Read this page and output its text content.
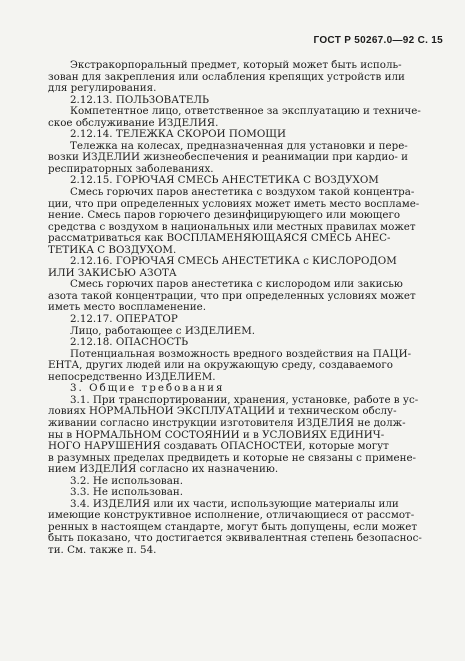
ГОСТ Р 50267.0—92 С. 15
Экстракорпоральный предмет, который может быть исполь-
зован для закрепления или ослабления крепящих устройств или
для регулирования.
2.12.13. ПОЛЬЗОВАТЕЛЬ
Компетентное лицо, ответственное за эксплуатацию и техниче-
ское обслуживание ИЗДЕЛИЯ.
2.12.14. ТЕЛЕЖКА СКОРОЙ ПОМОЩИ
Тележка на колесах, предназначенная для установки и пере-
возки ИЗДЕЛИЙ жизнеобеспечения и реанимации при кардио- и
респираторных заболеваниях.
2.12.15. ГОРЮЧАЯ СМЕСЬ АНЕСТЕТИКА С ВОЗДУХОМ
Смесь горючих паров анестетика с воздухом такой концентра-
ции, что при определенных условиях может иметь место воспламе-
нение. Смесь паров горючего дезинфицирующего или моющего
средства с воздухом в национальных или местных правилах может
рассматриваться как ВОСПЛАМЕНЯЮЩАЯСЯ СМЕСЬ АНЕС-
ТЕТИКА С ВОЗДУХОМ.
2.12.16. ГОРЮЧАЯ СМЕСЬ АНЕСТЕТИКА с КИСЛОРОДОМ
ИЛИ ЗАКИСЬЮ АЗОТА
Смесь горючих паров анестетика с кислородом или закисью
азота такой концентрации, что при определенных условиях может
иметь место воспламенение.
2.12.17. ОПЕРАТОР
Лицо, работающее с ИЗДЕЛИЕМ.
2.12.18. ОПАСНОСТЬ
Потенциальная возможность вредного воздействия на ПАЦИ-
ЕНТА, других людей или на окружающую среду, создаваемого
непосредственно ИЗДЕЛИЕМ.
3. Общие требования
3.1. При транспортировании, хранения, установке, работе в ус-
ловиях НОРМАЛЬНОЙ ЭКСПЛУАТАЦИИ и техническом обслу-
живании согласно инструкции изготовителя ИЗДЕЛИЯ не долж-
ны в НОРМАЛЬНОМ СОСТОЯНИИ и в УСЛОВИЯХ ЕДИНИЧ-
НОГО НАРУШЕНИЯ создавать ОПАСНОСТЕЙ, которые могут
в разумных пределах предвидеть и которые не связаны с примене-
нием ИЗДЕЛИЯ согласно их назначению.
3.2. Не использован.
3.3. Не использован.
3.4. ИЗДЕЛИЯ или их части, использующие материалы или
имеющие конструктивное исполнение, отличающиеся от рассмот-
ренных в настоящем стандарте, могут быть допущены, если может
быть показано, что достигается эквивалентная степень безопаснос-
ти. См. также п. 54.
